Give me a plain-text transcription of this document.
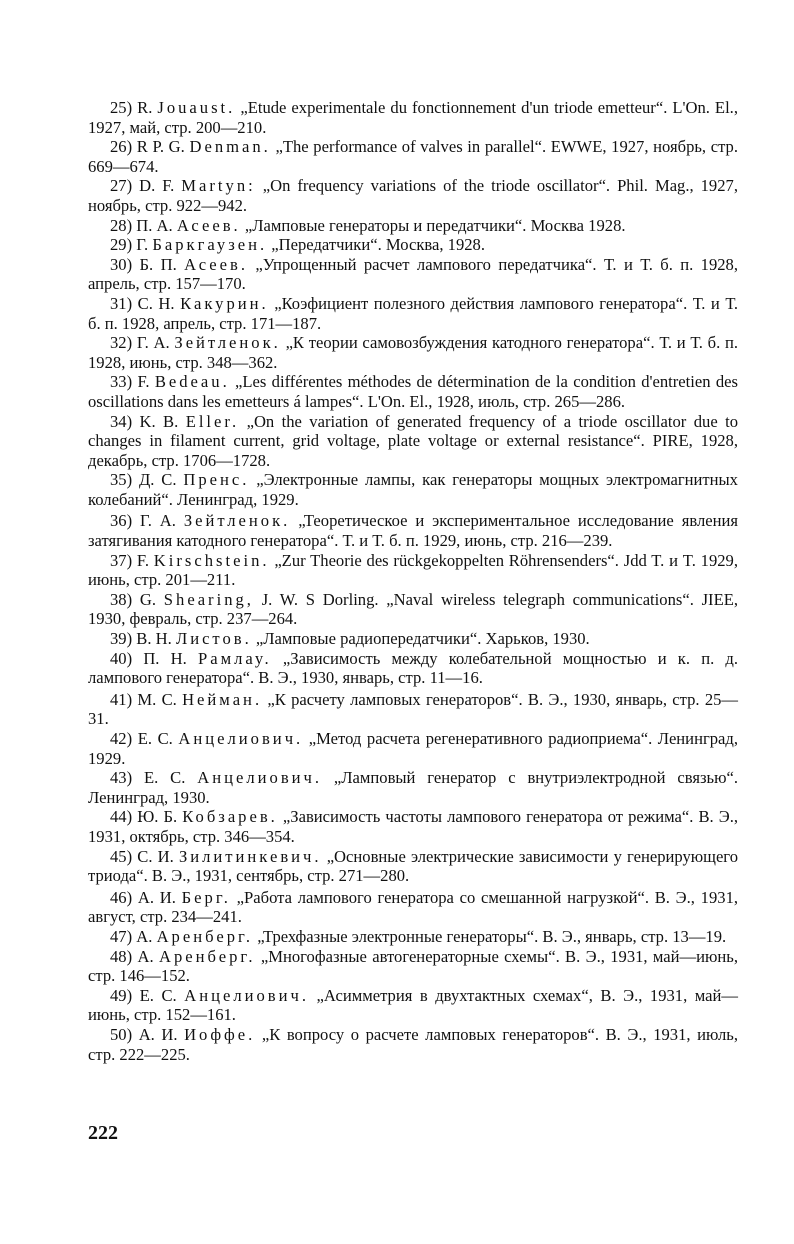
25) R. Jouaust. „Etude experimentale du fonctionnement d'un triode emetteur“. L'On. El., 1927, май, стр. 200—210.

26) R P. G. Denman. „The performance of valves in parallel“. EWWE, 1927, ноябрь, стр. 669—674.

27) D. F. Martyn: „On frequency variations of the triode oscillator“. Phil. Mag., 1927, ноябрь, стр. 922—942.

28) П. А. Асеев. „Ламповые генераторы и передатчики“. Москва 1928.

29) Г. Баркгаузен. „Передатчики“. Москва, 1928.

30) Б. П. Асеев. „Упрощенный расчет лампового передатчика“. Т. и Т. б. п. 1928, апрель, стр. 157—170.

31) С. Н. Какурин. „Коэфициент полезного действия лампового генератора“. Т. и Т. б. п. 1928, апрель, стр. 171—187.

32) Г. А. Зейтленок. „К теории самовозбуждения катодного генератора“. Т. и Т. б. п. 1928, июнь, стр. 348—362.

33) F. Bedeau. „Les différentes méthodes de détermination de la condition d'entretien des oscillations dans les emetteurs á lampes“. L'On. El., 1928, июль, стр. 265—286.

34) K. B. Eller. „On the variation of generated frequency of a triode oscillator due to changes in filament current, grid voltage, plate voltage or external resistance“. PIRE, 1928, декабрь, стр. 1706—1728.

35) Д. С. Пренс. „Электронные лампы, как генераторы мощных электромагнитных колебаний“. Ленинград, 1929.

36) Г. А. Зейтленок. „Теоретическое и экспериментальное исследование явления затягивания катодного генератора“. Т. и Т. б. п. 1929, июнь, стр. 216—239.

37) F. Kirschstein. „Zur Theorie des rückgekoppelten Röhrensenders“. Jdd T. и T. 1929, июнь, стр. 201—211.

38) G. Shearing, J. W. S Dorling. „Naval wireless telegraph communications“. JIEE, 1930, февраль, стр. 237—264.

39) В. Н. Листов. „Ламповые радиопередатчики“. Харьков, 1930.

40) П. Н. Рамлау. „Зависимость между колебательной мощностью и к. п. д. лампового генератора“. В. Э., 1930, январь, стр. 11—16.

41) М. С. Нейман. „К расчету ламповых генераторов“. В. Э., 1930, январь, стр. 25—31.

42) Е. С. Анцелиович. „Метод расчета регенеративного радиоприема“. Ленинград, 1929.

43) Е. С. Анцелиович. „Ламповый генератор с внутриэлектродной связью“. Ленинград, 1930.

44) Ю. Б. Кобзарев. „Зависимость частоты лампового генератора от режима“. В. Э., 1931, октябрь, стр. 346—354.

45) С. И. Зилитинкевич. „Основные электрические зависимости у генерирующего триода“. В. Э., 1931, сентябрь, стр. 271—280.

46) А. И. Берг. „Работа лампового генератора со смешанной нагрузкой“. В. Э., 1931, август, стр. 234—241.

47) А. Аренберг. „Трехфазные электронные генераторы“. В. Э., январь, стр. 13—19.

48) А. Аренберг. „Многофазные автогенераторные схемы“. В. Э., 1931, май—июнь, стр. 146—152.

49) Е. С. Анцелиович. „Асимметрия в двухтактных схемах“, В. Э., 1931, май—июнь, стр. 152—161.

50) А. И. Иоффе. „К вопросу о расчете ламповых генераторов“. В. Э., 1931, июль, стр. 222—225.

222
